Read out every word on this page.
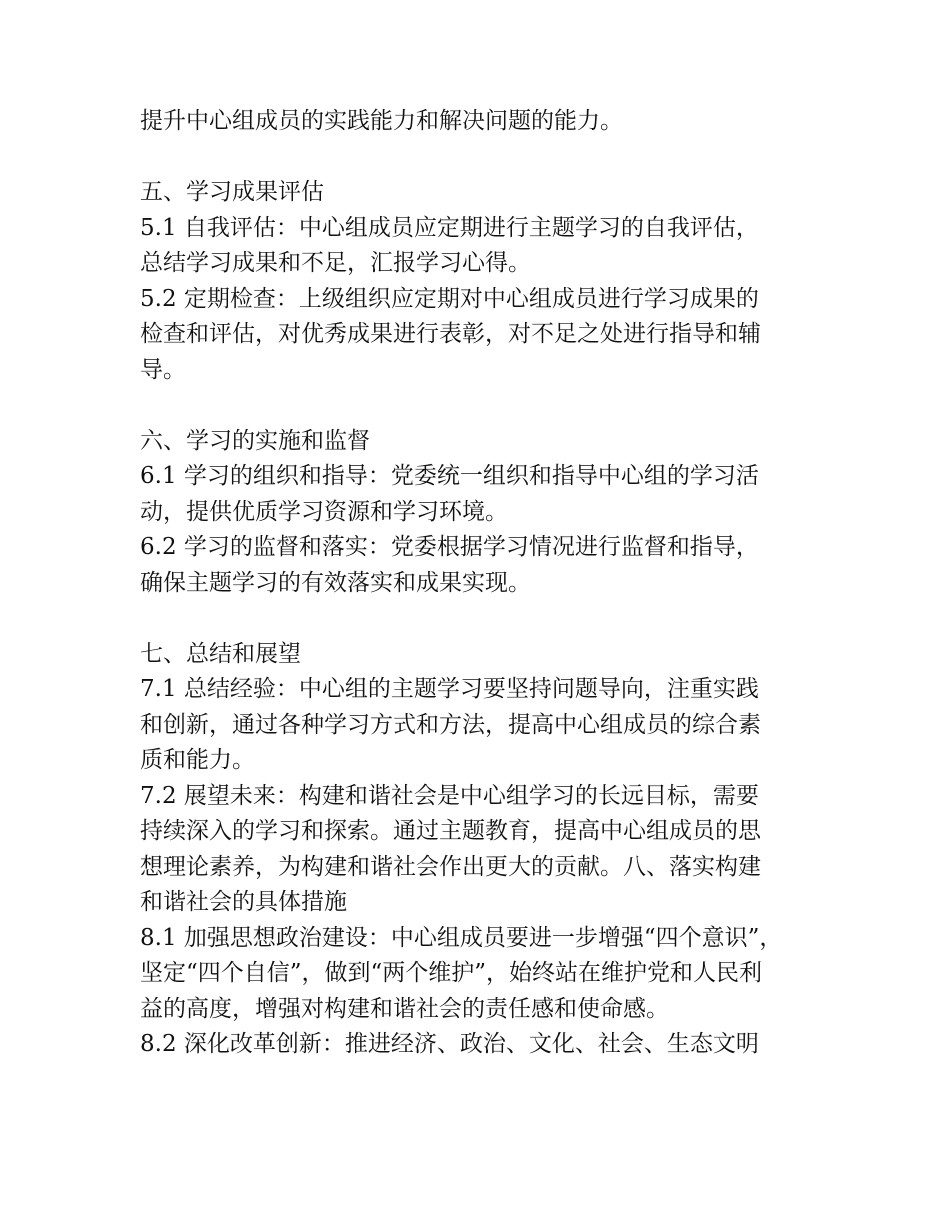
提升中心组成员的实践能力和解决问题的能力。
五、学习成果评估
5.1 自我评估：中心组成员应定期进行主题学习的自我评估，
总结学习成果和不足，汇报学习心得。
5.2 定期检查：上级组织应定期对中心组成员进行学习成果的
检查和评估，对优秀成果进行表彰，对不足之处进行指导和辅
导。
六、学习的实施和监督
6.1 学习的组织和指导：党委统一组织和指导中心组的学习活
动，提供优质学习资源和学习环境。
6.2 学习的监督和落实：党委根据学习情况进行监督和指导，
确保主题学习的有效落实和成果实现。
七、总结和展望
7.1 总结经验：中心组的主题学习要坚持问题导向，注重实践
和创新，通过各种学习方式和方法，提高中心组成员的综合素
质和能力。
7.2 展望未来：构建和谐社会是中心组学习的长远目标，需要
持续深入的学习和探索。通过主题教育，提高中心组成员的思
想理论素养，为构建和谐社会作出更大的贡献。八、落实构建
和谐社会的具体措施
8.1 加强思想政治建设：中心组成员要进一步增强“四个意识”，
坚定“四个自信”，做到“两个维护”，始终站在维护党和人民利
益的高度，增强对构建和谐社会的责任感和使命感。
8.2 深化改革创新：推进经济、政治、文化、社会、生态文明
